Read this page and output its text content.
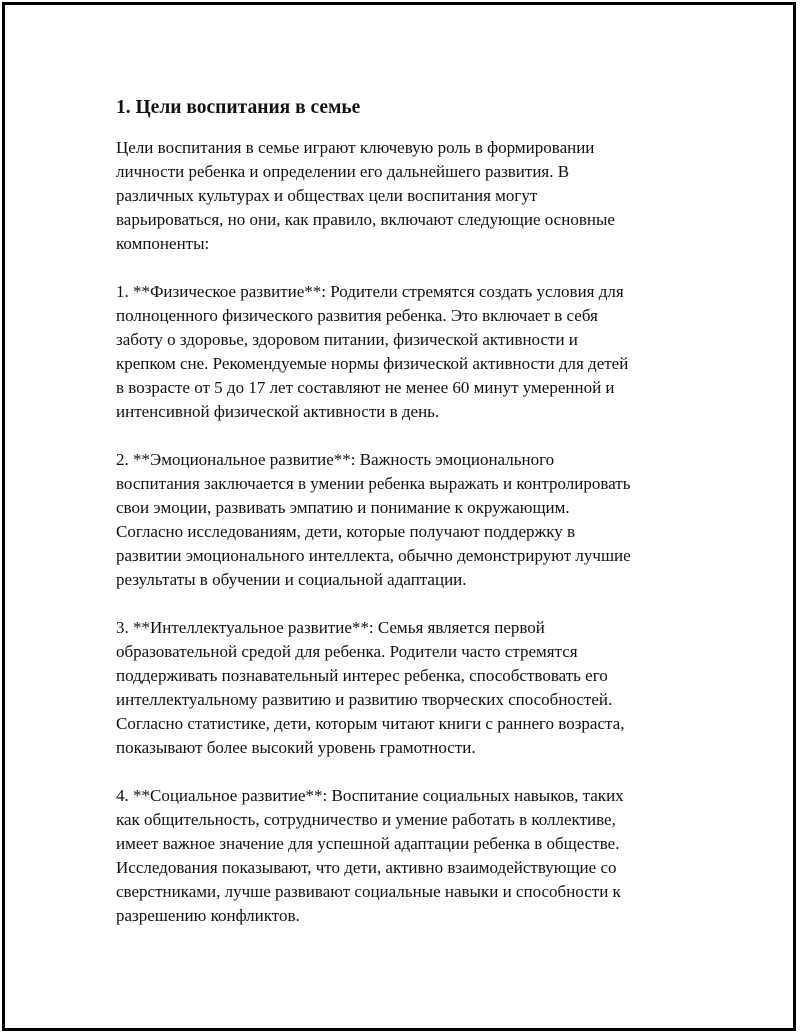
1. Цели воспитания в семье

Цели воспитания в семье играют ключевую роль в формировании
личности ребенка и определении его дальнейшего развития. В
различных культурах и обществах цели воспитания могут
варьироваться, но они, как правило, включают следующие основные
компоненты:

1. **Физическое развитие**: Родители стремятся создать условия для
полноценного физического развития ребенка. Это включает в себя
заботу о здоровье, здоровом питании, физической активности и
крепком сне. Рекомендуемые нормы физической активности для детей
в возрасте от 5 до 17 лет составляют не менее 60 минут умеренной и
интенсивной физической активности в день.

2. **Эмоциональное развитие**: Важность эмоционального
воспитания заключается в умении ребенка выражать и контролировать
свои эмоции, развивать эмпатию и понимание к окружающим.
Согласно исследованиям, дети, которые получают поддержку в
развитии эмоционального интеллекта, обычно демонстрируют лучшие
результаты в обучении и социальной адаптации.

3. **Интеллектуальное развитие**: Семья является первой
образовательной средой для ребенка. Родители часто стремятся
поддерживать познавательный интерес ребенка, способствовать его
интеллектуальному развитию и развитию творческих способностей.
Согласно статистике, дети, которым читают книги с раннего возраста,
показывают более высокий уровень грамотности.

4. **Социальное развитие**: Воспитание социальных навыков, таких
как общительность, сотрудничество и умение работать в коллективе,
имеет важное значение для успешной адаптации ребенка в обществе.
Исследования показывают, что дети, активно взаимодействующие со
сверстниками, лучше развивают социальные навыки и способности к
разрешению конфликтов.
